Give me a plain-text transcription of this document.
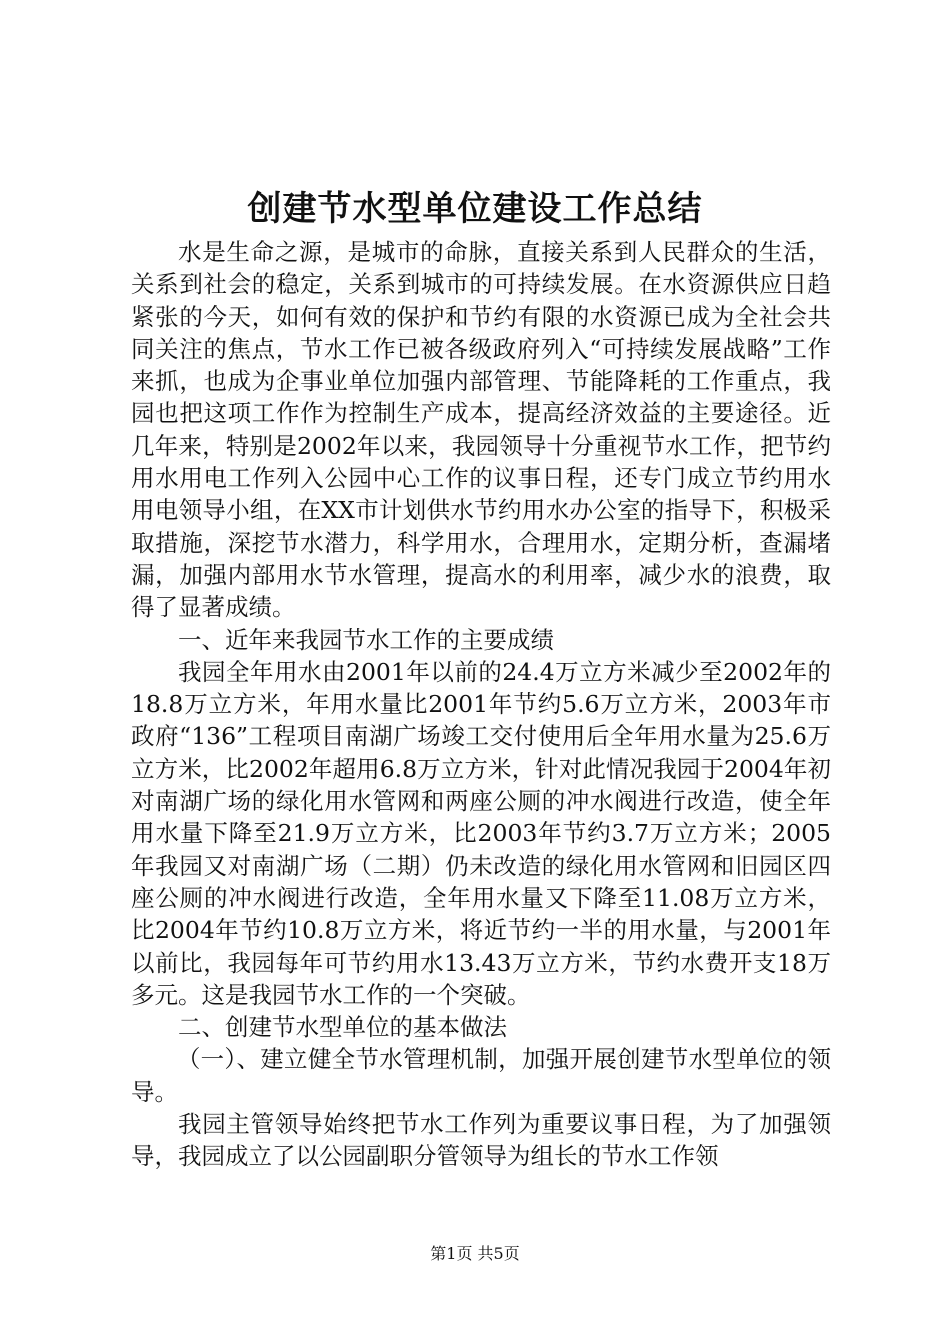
创建节水型单位建设工作总结

水是生命之源，是城市的命脉，直接关系到人民群众的生活，关系到社会的稳定，关系到城市的可持续发展。在水资源供应日趋紧张的今天，如何有效的保护和节约有限的水资源已成为全社会共同关注的焦点，节水工作已被各级政府列入“可持续发展战略”工作来抓，也成为企事业单位加强内部管理、节能降耗的工作重点，我园也把这项工作作为控制生产成本，提高经济效益的主要途径。近几年来，特别是2002年以来，我园领导十分重视节水工作，把节约用水用电工作列入公园中心工作的议事日程，还专门成立节约用水用电领导小组，在XX市计划供水节约用水办公室的指导下，积极采取措施，深挖节水潜力，科学用水，合理用水，定期分析，查漏堵漏，加强内部用水节水管理，提高水的利用率，减少水的浪费，取得了显著成绩。

一、近年来我园节水工作的主要成绩

我园全年用水由2001年以前的24.4万立方米减少至2002年的18.8万立方米，年用水量比2001年节约5.6万立方米，2003年市政府“136”工程项目南湖广场竣工交付使用后全年用水量为25.6万立方米，比2002年超用6.8万立方米，针对此情况我园于2004年初对南湖广场的绿化用水管网和两座公厕的冲水阀进行改造，使全年用水量下降至21.9万立方米，比2003年节约3.7万立方米；2005年我园又对南湖广场（二期）仍未改造的绿化用水管网和旧园区四座公厕的冲水阀进行改造，全年用水量又下降至11.08万立方米，比2004年节约10.8万立方米，将近节约一半的用水量，与2001年以前比，我园每年可节约用水13.43万立方米，节约水费开支18万多元。这是我园节水工作的一个突破。

二、创建节水型单位的基本做法

（一）、建立健全节水管理机制，加强开展创建节水型单位的领导。

我园主管领导始终把节水工作列为重要议事日程，为了加强领导，我园成立了以公园副职分管领导为组长的节水工作领

第1页 共5页
